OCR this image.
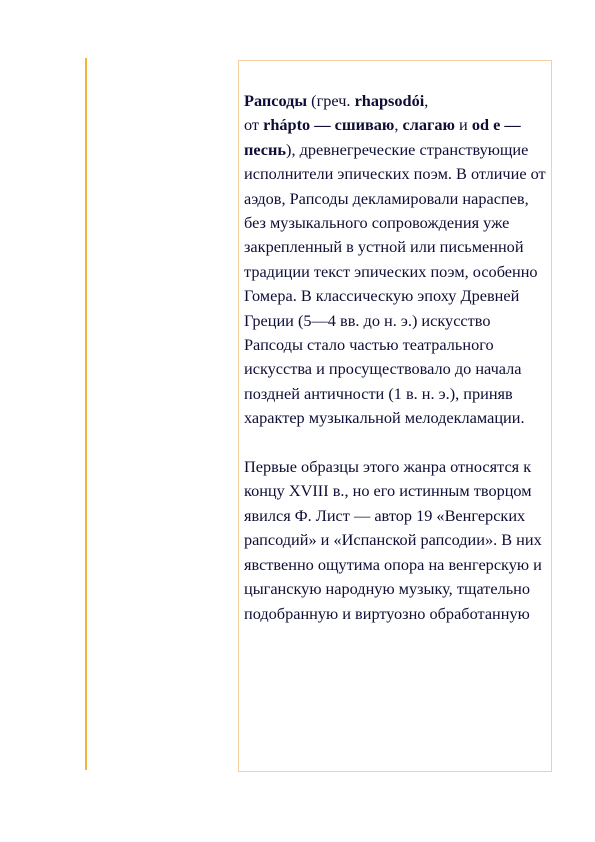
Рапсоды (греч. rhapsodói,
от rhápto — сшиваю, слагаю и od e — песнь), древнегреческие странствующие исполнители эпических поэм. В отличие от аэдов, Рапсоды декламировали нараспев, без музыкального сопровождения уже закрепленный в устной или письменной традиции текст эпических поэм, особенно Гомера. В классическую эпоху Древней Греции (5—4 вв. до н. э.) искусство Рапсоды стало частью театрального искусства и просуществовало до начала поздней античности (1 в. н. э.), приняв характер музыкальной мелодекламации.

Первые образцы этого жанра относятся к концу XVIII в., но его истинным творцом явился Ф. Лист — автор 19 «Венгерских рапсодий» и «Испанской рапсодии». В них явственно ощутима опора на венгерскую и цыганскую народную музыку, тщательно подобранную и виртуозно обработанную
